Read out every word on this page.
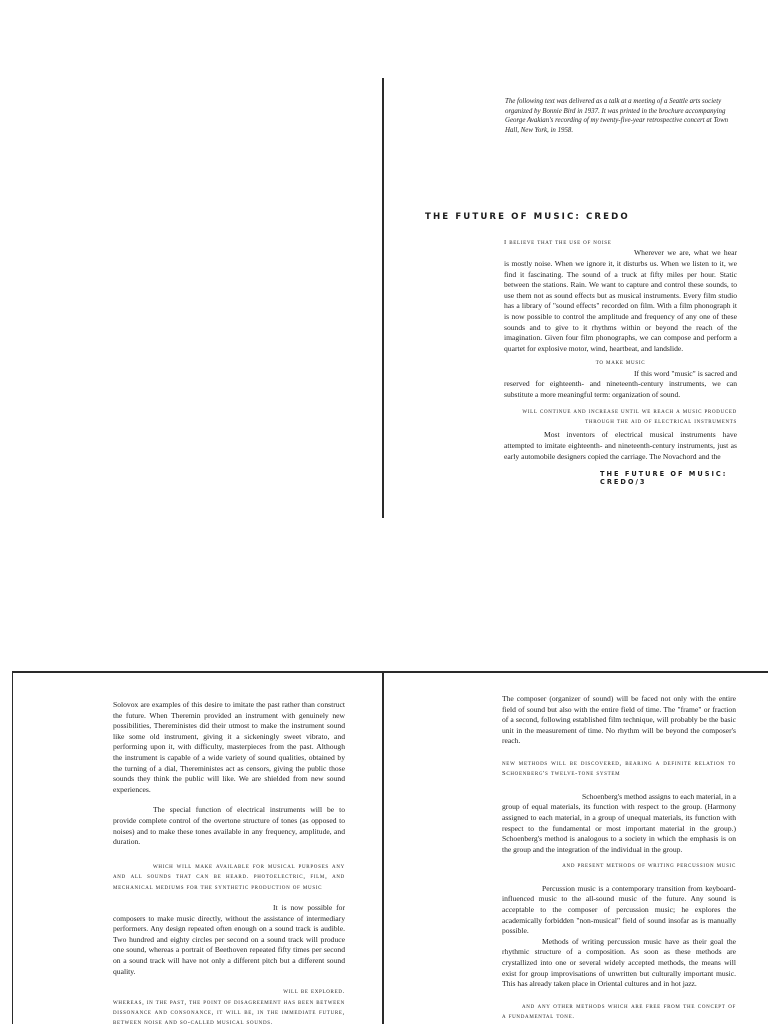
The following text was delivered as a talk at a meeting of a Seattle arts society organized by Bonnie Bird in 1937. It was printed in the brochure accompanying George Avakian's recording of my twenty-five-year retrospective concert at Town Hall, New York, in 1958.
THE FUTURE OF MUSIC: CREDO

I believe that the use of noise

Wherever we are, what we hear is mostly noise. When we ignore it, it disturbs us. When we listen to it, we find it fascinating. The sound of a truck at fifty miles per hour. Static between the stations. Rain. We want to capture and control these sounds, to use them not as sound effects but as musical instruments. Every film studio has a library of "sound effects" recorded on film. With a film phonograph it is now possible to control the amplitude and frequency of any one of these sounds and to give to it rhythms within or beyond the reach of the imagination. Given four film phonographs, we can compose and perform a quartet for explosive motor, wind, heartbeat, and landslide.

to make music

If this word "music" is sacred and reserved for eighteenth- and nineteenth-century instruments, we can substitute a more meaningful term: organization of sound.

will continue and increase until we reach a music produced through the aid of electrical instruments

Most inventors of electrical musical instruments have attempted to imitate eighteenth- and nineteenth-century instruments, just as early automobile designers copied the carriage. The Novachord and the

THE FUTURE OF MUSIC: CREDO/3

Solovox are examples of this desire to imitate the past rather than construct the future. When Theremin provided an instrument with genuinely new possibilities, Thereministes did their utmost to make the instrument sound like some old instrument, giving it a sickeningly sweet vibrato, and performing upon it, with difficulty, masterpieces from the past. Although the instrument is capable of a wide variety of sound qualities, obtained by the turning of a dial, Thereministes act as censors, giving the public those sounds they think the public will like. We are shielded from new sound experiences.

The special function of electrical instruments will be to provide complete control of the overtone structure of tones (as opposed to noises) and to make these tones available in any frequency, amplitude, and duration.

which will make available for musical purposes any and all sounds that can be heard. photoelectric, film, and mechanical mediums for the synthetic production of music

It is now possible for composers to make music directly, without the assistance of intermediary performers. Any design repeated often enough on a sound track is audible. Two hundred and eighty circles per second on a sound track will produce one sound, whereas a portrait of Beethoven repeated fifty times per second on a sound track will have not only a different pitch but a different sound quality.

will be explored.

whereas, in the past, the point of disagreement has been between dissonance and consonance, it will be, in the immediate future, between noise and so-called musical sounds.

The composer (organizer of sound) will be faced not only with the entire field of sound but also with the entire field of time. The "frame" or fraction of a second, following established film technique, will probably be the basic unit in the measurement of time. No rhythm will be beyond the composer's reach.

new methods will be discovered, bearing a definite relation to Schoenberg's twelve-tone system

Schoenberg's method assigns to each material, in a group of equal materials, its function with respect to the group. (Harmony assigned to each material, in a group of unequal materials, its function with respect to the fundamental or most important material in the group.) Schoenberg's method is analogous to a society in which the emphasis is on the group and the integration of the individual in the group.

and present methods of writing percussion music

Percussion music is a contemporary transition from keyboard-influenced music to the all-sound music of the future. Any sound is acceptable to the composer of percussion music; he explores the academically forbidden "non-musical" field of sound insofar as is manually possible.

Methods of writing percussion music have as their goal the rhythmic structure of a composition. As soon as these methods are crystallized into one or several widely accepted methods, the means will exist for group improvisations of unwritten but culturally important music. This has already taken place in Oriental cultures and in hot jazz.

and any other methods which are free from the concept of a fundamental tone.
